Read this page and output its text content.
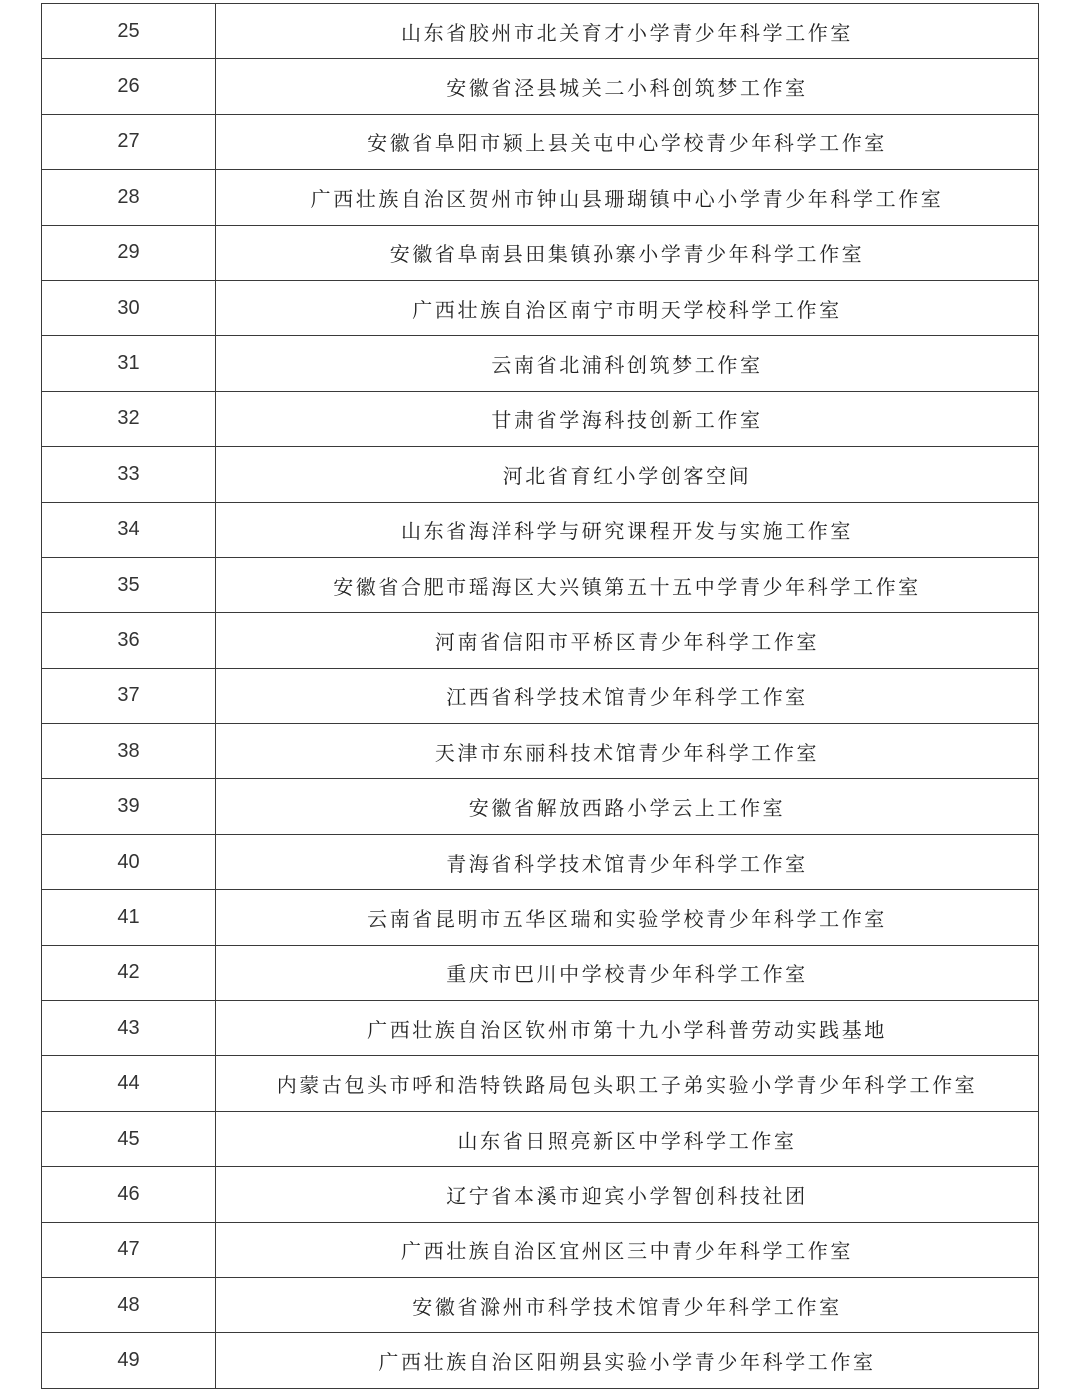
25	山东省胶州市北关育才小学青少年科学工作室
26	安徽省泾县城关二小科创筑梦工作室
27	安徽省阜阳市颍上县关屯中心学校青少年科学工作室
28	广西壮族自治区贺州市钟山县珊瑚镇中心小学青少年科学工作室
29	安徽省阜南县田集镇孙寨小学青少年科学工作室
30	广西壮族自治区南宁市明天学校科学工作室
31	云南省北浦科创筑梦工作室
32	甘肃省学海科技创新工作室
33	河北省育红小学创客空间
34	山东省海洋科学与研究课程开发与实施工作室
35	安徽省合肥市瑶海区大兴镇第五十五中学青少年科学工作室
36	河南省信阳市平桥区青少年科学工作室
37	江西省科学技术馆青少年科学工作室
38	天津市东丽科技术馆青少年科学工作室
39	安徽省解放西路小学云上工作室
40	青海省科学技术馆青少年科学工作室
41	云南省昆明市五华区瑞和实验学校青少年科学工作室
42	重庆市巴川中学校青少年科学工作室
43	广西壮族自治区钦州市第十九小学科普劳动实践基地
44	内蒙古包头市呼和浩特铁路局包头职工子弟实验小学青少年科学工作室
45	山东省日照亮新区中学科学工作室
46	辽宁省本溪市迎宾小学智创科技社团
47	广西壮族自治区宜州区三中青少年科学工作室
48	安徽省滁州市科学技术馆青少年科学工作室
49	广西壮族自治区阳朔县实验小学青少年科学工作室
